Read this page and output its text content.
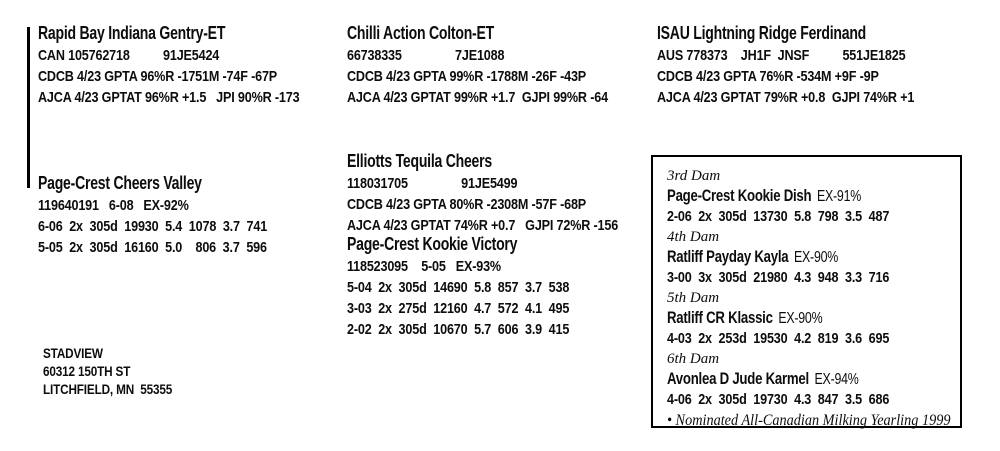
Rapid Bay Indiana Gentry-ET
CAN 105762718          91JE5424
CDCB 4/23 GPTA 96%R -1751M -74F -67P
AJCA 4/23 GPTAT 96%R +1.5   JPI 90%R -173
Chilli Action Colton-ET
66738335                7JE1088
CDCB 4/23 GPTA 99%R -1788M -26F -43P
AJCA 4/23 GPTAT 99%R +1.7  GJPI 99%R -64
ISAU Lightning Ridge Ferdinand
AUS 778373    JH1F  JNSF          551JE1825
CDCB 4/23 GPTA 76%R -534M +9F -9P
AJCA 4/23 GPTAT 79%R +0.8  GJPI 74%R +1
Page-Crest Cheers Valley
119640191   6-08   EX-92%
6-06  2x  305d  19930  5.4  1078  3.7  741
5-05  2x  305d  16160  5.0    806  3.7  596
Elliotts Tequila Cheers
118031705                91JE5499
CDCB 4/23 GPTA 80%R -2308M -57F -68P
AJCA 4/23 GPTAT 74%R +0.7   GJPI 72%R -156
Page-Crest Kookie Victory
118523095    5-05   EX-93%
5-04  2x  305d  14690  5.8  857  3.7  538
3-03  2x  275d  12160  4.7  572  4.1  495
2-02  2x  305d  10670  5.7  606  3.9  415
3rd Dam
Page-Crest Kookie Dish EX-91%
2-06  2x  305d  13730  5.8  798  3.5  487
4th Dam
Ratliff Payday Kayla EX-90%
3-00  3x  305d  21980  4.3  948  3.3  716
5th Dam
Ratliff CR Klassic EX-90%
4-03  2x  253d  19530  4.2  819  3.6  695
6th Dam
Avonlea D Jude Karmel EX-94%
4-06  2x  305d  19730  4.3  847  3.5  686
• Nominated All-Canadian Milking Yearling 1999
STADVIEW
60312 150TH ST
LITCHFIELD, MN  55355
